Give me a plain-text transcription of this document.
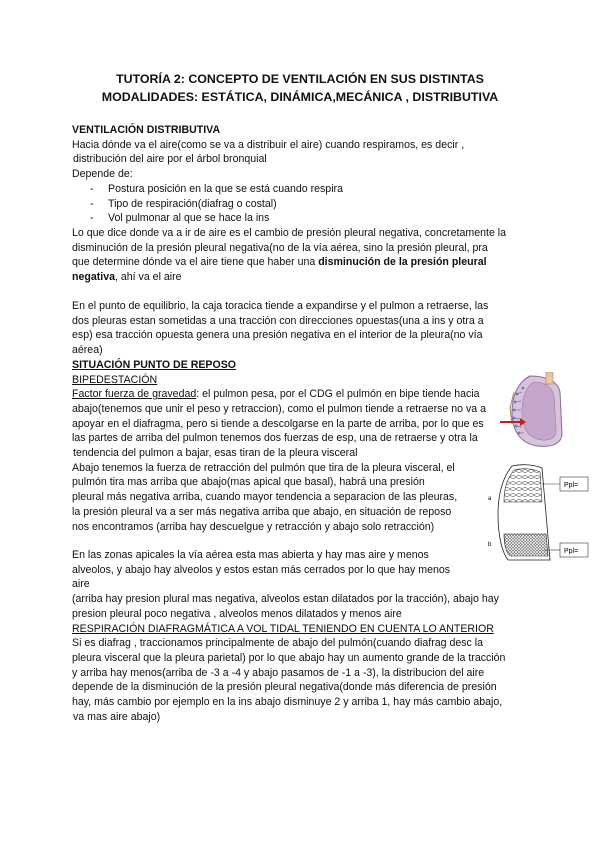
TUTORÍA 2: CONCEPTO DE VENTILACIÓN EN SUS DISTINTAS
MODALIDADES: ESTÁTICA, DINÁMICA,MECÁNICA , DISTRIBUTIVA
VENTILACIÓN DISTRIBUTIVA
Hacia dónde va el aire(como se va a distribuir el aire) cuando respiramos, es decir ,
distribución del aire por el árbol bronquial
Depende de:
- Postura posición en la que se está cuando respira
- Tipo de respiración(diafrag o costal)
- Vol pulmonar al que se hace la ins
Lo que dice donde va a ir de aire es el cambio de presión pleural negativa, concretamente la
disminución de la presión pleural negativa(no de la vía aérea, sino la presión pleural, pra
que determine dónde va el aire tiene que haber una disminución de la presión pleural
negativa, ahí va el aire
En el punto de equilibrio, la caja toracica tiende a expandirse y el pulmon a retraerse, las
dos pleuras estan sometidas a una tracción con direcciones opuestas(una a ins y otra a
esp) esa tracción opuesta genera una presión negativa en el interior de la pleura(no vía
aérea)
SITUACIÓN PUNTO DE REPOSO
BIPEDESTACIÓN
Factor fuerza de gravedad: el pulmon pesa, por el CDG el pulmón en bipe tiende hacia
abajo(tenemos que unir el peso y retraccion), como el pulmon tiende a retraerse no va a
apoyar en el diafragma, pero si tiende a descolgarse en la parte de arriba, por lo que es
las partes de arriba del pulmon tenemos dos fuerzas de esp, una de retraerse y otra la
tendencia del pulmon a bajar, esas tiran de la pleura visceral
Abajo tenemos la fuerza de retracción del pulmón que tira de la pleura visceral, el
pulmón tira mas arriba que abajo(mas apical que basal), habrá una presión
pleural más negativa arriba, cuando mayor tendencia a separacion de las pleuras,
la presión pleural va a ser más negativa arriba que abajo, en situación de reposo
nos encontramos (arriba hay descuelgue y retracción y abajo solo retracción)
En las zonas apicales la vía aérea esta mas abierta y hay mas aire y menos
alveolos, y abajo hay alveolos y estos estan más cerrados por lo que hay menos
aire
(arriba hay presion plural mas negativa, alveolos estan dilatados por la tracción), abajo hay
presion pleural poco negativa , alveolos menos dilatados y menos aire
RESPIRACIÓN DIAFRAGMÁTICA A VOL TIDAL TENIENDO EN CUENTA LO ANTERIOR
Si es diafrag , traccionamos principalmente de abajo del pulmón(cuando diafrag desc la
pleura visceral que la pleura parietal) por lo que abajo hay un aumento grande de la tracción
y arriba hay menos(arriba de -3 a -4 y abajo pasamos de -1 a -3), la distribucion del aire
depende de la disminución de la presión pleural negativa(donde más diferencia de presión
hay, más cambio por ejemplo en la ins abajo disminuye 2 y arriba 1, hay más cambio abajo,
va mas aire abajo)
Ppl=
Ppl=
a
b
